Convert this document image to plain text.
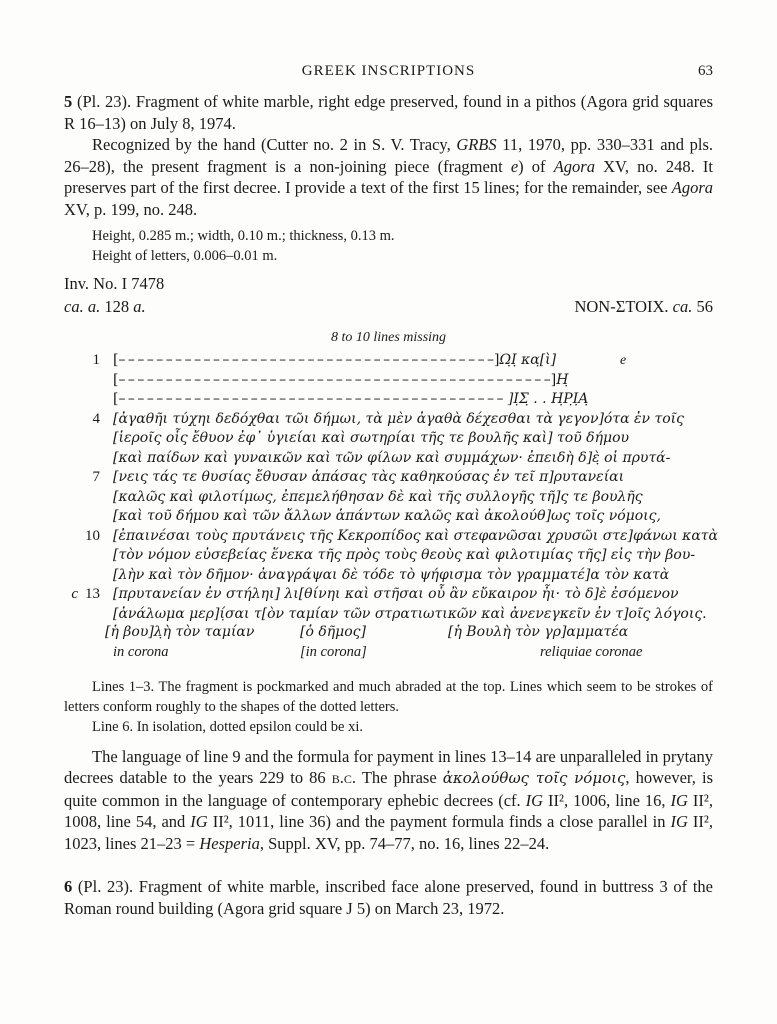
GREEK INSCRIPTIONS	63

5 (Pl. 23). Fragment of white marble, right edge preserved, found in a pithos (Agora grid squares R 16–13) on July 8, 1974.

Recognized by the hand (Cutter no. 2 in S. V. Tracy, GRBS 11, 1970, pp. 330–331 and pls. 26–28), the present fragment is a non-joining piece (fragment e) of Agora XV, no. 248. It preserves part of the first decree. I provide a text of the first 15 lines; for the remainder, see Agora XV, p. 199, no. 248.

Height, 0.285 m.; width, 0.10 m.; thickness, 0.13 m.
Height of letters, 0.006–0.01 m.
Inv. No. I 7478
ca. a. 128 a.	NON-ΣΤΟΙΧ. ca. 56
8 to 10 lines missing
1 [– – – – – – – – – – – – – – – – – – – – – – – – – – – – – – – – – – – – – – – –]Ω̣Ι̣ κα̣[ὶ]	e
[– – – – – – – – – – – – – – – – – – – – – – – – – – – – – – – – – – – – – – – – – – – – – –]Η̣
[– – – – – – – – – – – – – – – – – – – – – – – – – – – – – – – – – – – – – – – – – ]Ι̣Σ̣ . . Η̣Ρ̣Ι̣Α̣
4 [ἀγαθῆι τύχηι δεδόχθαι τῶι δήμωι, τὰ μὲν ἀγαθὰ δέχεσθαι τὰ γεγον]ότα ἐν τοῖς
[ἱεροῖς οἷς ἔθυον ἐφ᾽ ὑγιείαι καὶ σωτηρίαι τῆς τε βουλῆς καὶ] τοῦ δήμου
[καὶ παίδων καὶ γυναικῶν καὶ τῶν φίλων καὶ συμμάχων· ἐπειδὴ δ]ὲ̣ οἱ πρυτά-
7 [νεις τάς τε θυσίας ἔθυσαν ἁπάσας τὰς καθηκούσας ἐν τεῖ π]ρυτανείαι
[καλῶς καὶ φιλοτίμως, ἐπεμελήθησαν δὲ καὶ τῆς συλλογῆς τῆ]ς τε βουλῆς
[καὶ τοῦ δήμου καὶ τῶν ἄλλων ἁπάντων καλῶς καὶ ἀκολούθ]ως τοῖς νόμοις,
10 [ἐπαινέσαι τοὺς πρυτάνεις τῆς Κεκροπίδος καὶ στεφανῶσαι χρυσῶι στε]φάνωι κατὰ
[τὸν νόμον εὐσεβείας ἕνεκα τῆς πρὸς τοὺς θεοὺς καὶ φιλοτιμίας τῆς] εἰς τὴν βου-
[λὴν καὶ τὸν δῆμον· ἀναγράψαι δὲ τόδε τὸ ψήφισμα τὸν γραμματέ]α τὸν κατὰ
c 13 [πρυτανείαν ἐν στήληι] λι[θίνηι καὶ στῆσαι οὗ ἂν εὔκαιρον ἦι· τὸ δ]ὲ ἐσόμενον
[ἀνάλωμα μερ]ί̣σαι τ[ὸν ταμίαν τῶν στρατιωτικῶν καὶ ἀνενεγκεῖν ἐν τ]οῖς λόγοις.
[ἡ βου]λ̣ὴ τὸν ταμίαν	[ὁ δῆμος]	[ἡ Βουλὴ τὸν γρ]αμματέα
in corona	[in corona]	reliquiae coronae

Lines 1–3. The fragment is pockmarked and much abraded at the top. Lines which seem to be strokes of letters conform roughly to the shapes of the dotted letters.

Line 6. In isolation, dotted epsilon could be xi.

The language of line 9 and the formula for payment in lines 13–14 are unparalleled in prytany decrees datable to the years 229 to 86 b.c. The phrase ἀκολούθως τοῖς νόμοις, however, is quite common in the language of contemporary ephebic decrees (cf. IG II², 1006, line 16, IG II², 1008, line 54, and IG II², 1011, line 36) and the payment formula finds a close parallel in IG II², 1023, lines 21–23 = Hesperia, Suppl. XV, pp. 74–77, no. 16, lines 22–24.

6 (Pl. 23). Fragment of white marble, inscribed face alone preserved, found in buttress 3 of the Roman round building (Agora grid square J 5) on March 23, 1972.
